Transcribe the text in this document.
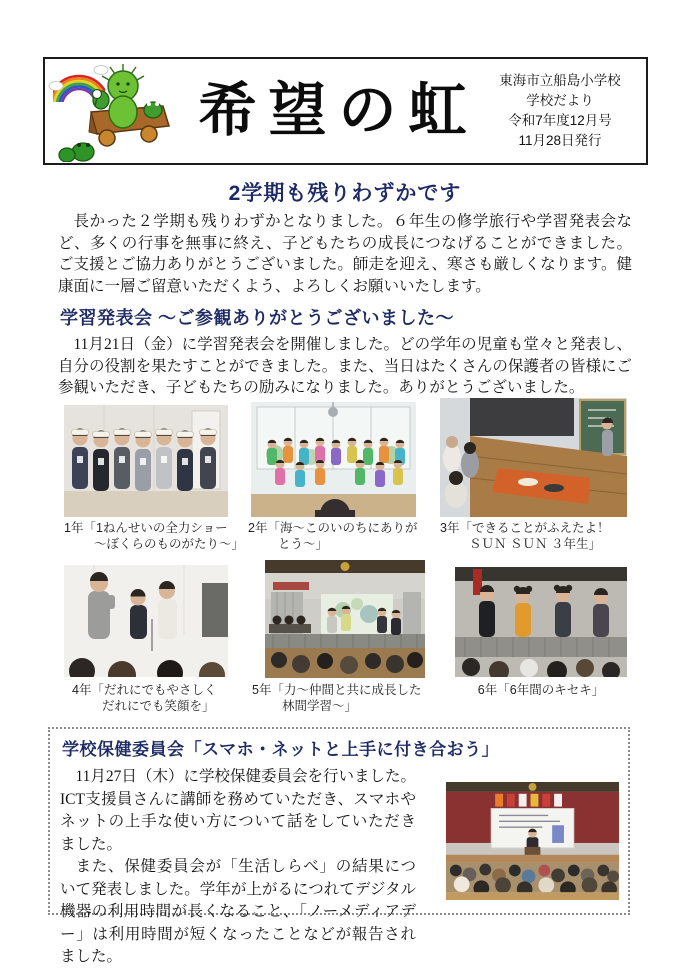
希望の虹	東海市立船島小学校
学校だより
令和7年度12月号
11月28日発行
2学期も残りわずかです

長かった２学期も残りわずかとなりました。６年生の修学旅行や学習発表会など、多くの行事を無事に終え、子どもたちの成長につなげることができました。ご支援とご協力ありがとうございました。師走を迎え、寒さも厳しくなります。健康面に一層ご留意いただくよう、よろしくお願いいたします。

学習発表会 ～ご参観ありがとうございました～

11月21日（金）に学習発表会を開催しました。どの学年の児童も堂々と発表し、自分の役割を果たすことができました。また、当日はたくさんの保護者の皆様にご参観いただき、子どもたちの励みになりました。ありがとうございました。

1年「1ねんせいの全力ショー
～ぼくらのものがたり～」
2年「海～このいのちにありが
とう～」
3年「できることがふえたよ！
ＳＵＮ ＳＵＮ ３年生」
4年「だれにでもやさしく
だれにでも笑顔を」
5年「力～仲間と共に成長した
林間学習～」
6年「6年間のキセキ」
学校保健委員会「スマホ・ネットと上手に付き合おう」

11月27日（木）に学校保健委員会を行いました。ICT支援員さんに講師を務めていただき、スマホやネットの上手な使い方について話をしていただきました。

また、保健委員会が「生活しらべ」の結果について発表しました。学年が上がるにつれてデジタル機器の利用時間が長くなること、「ノーメディアデー」は利用時間が短くなったことなどが報告されました。
